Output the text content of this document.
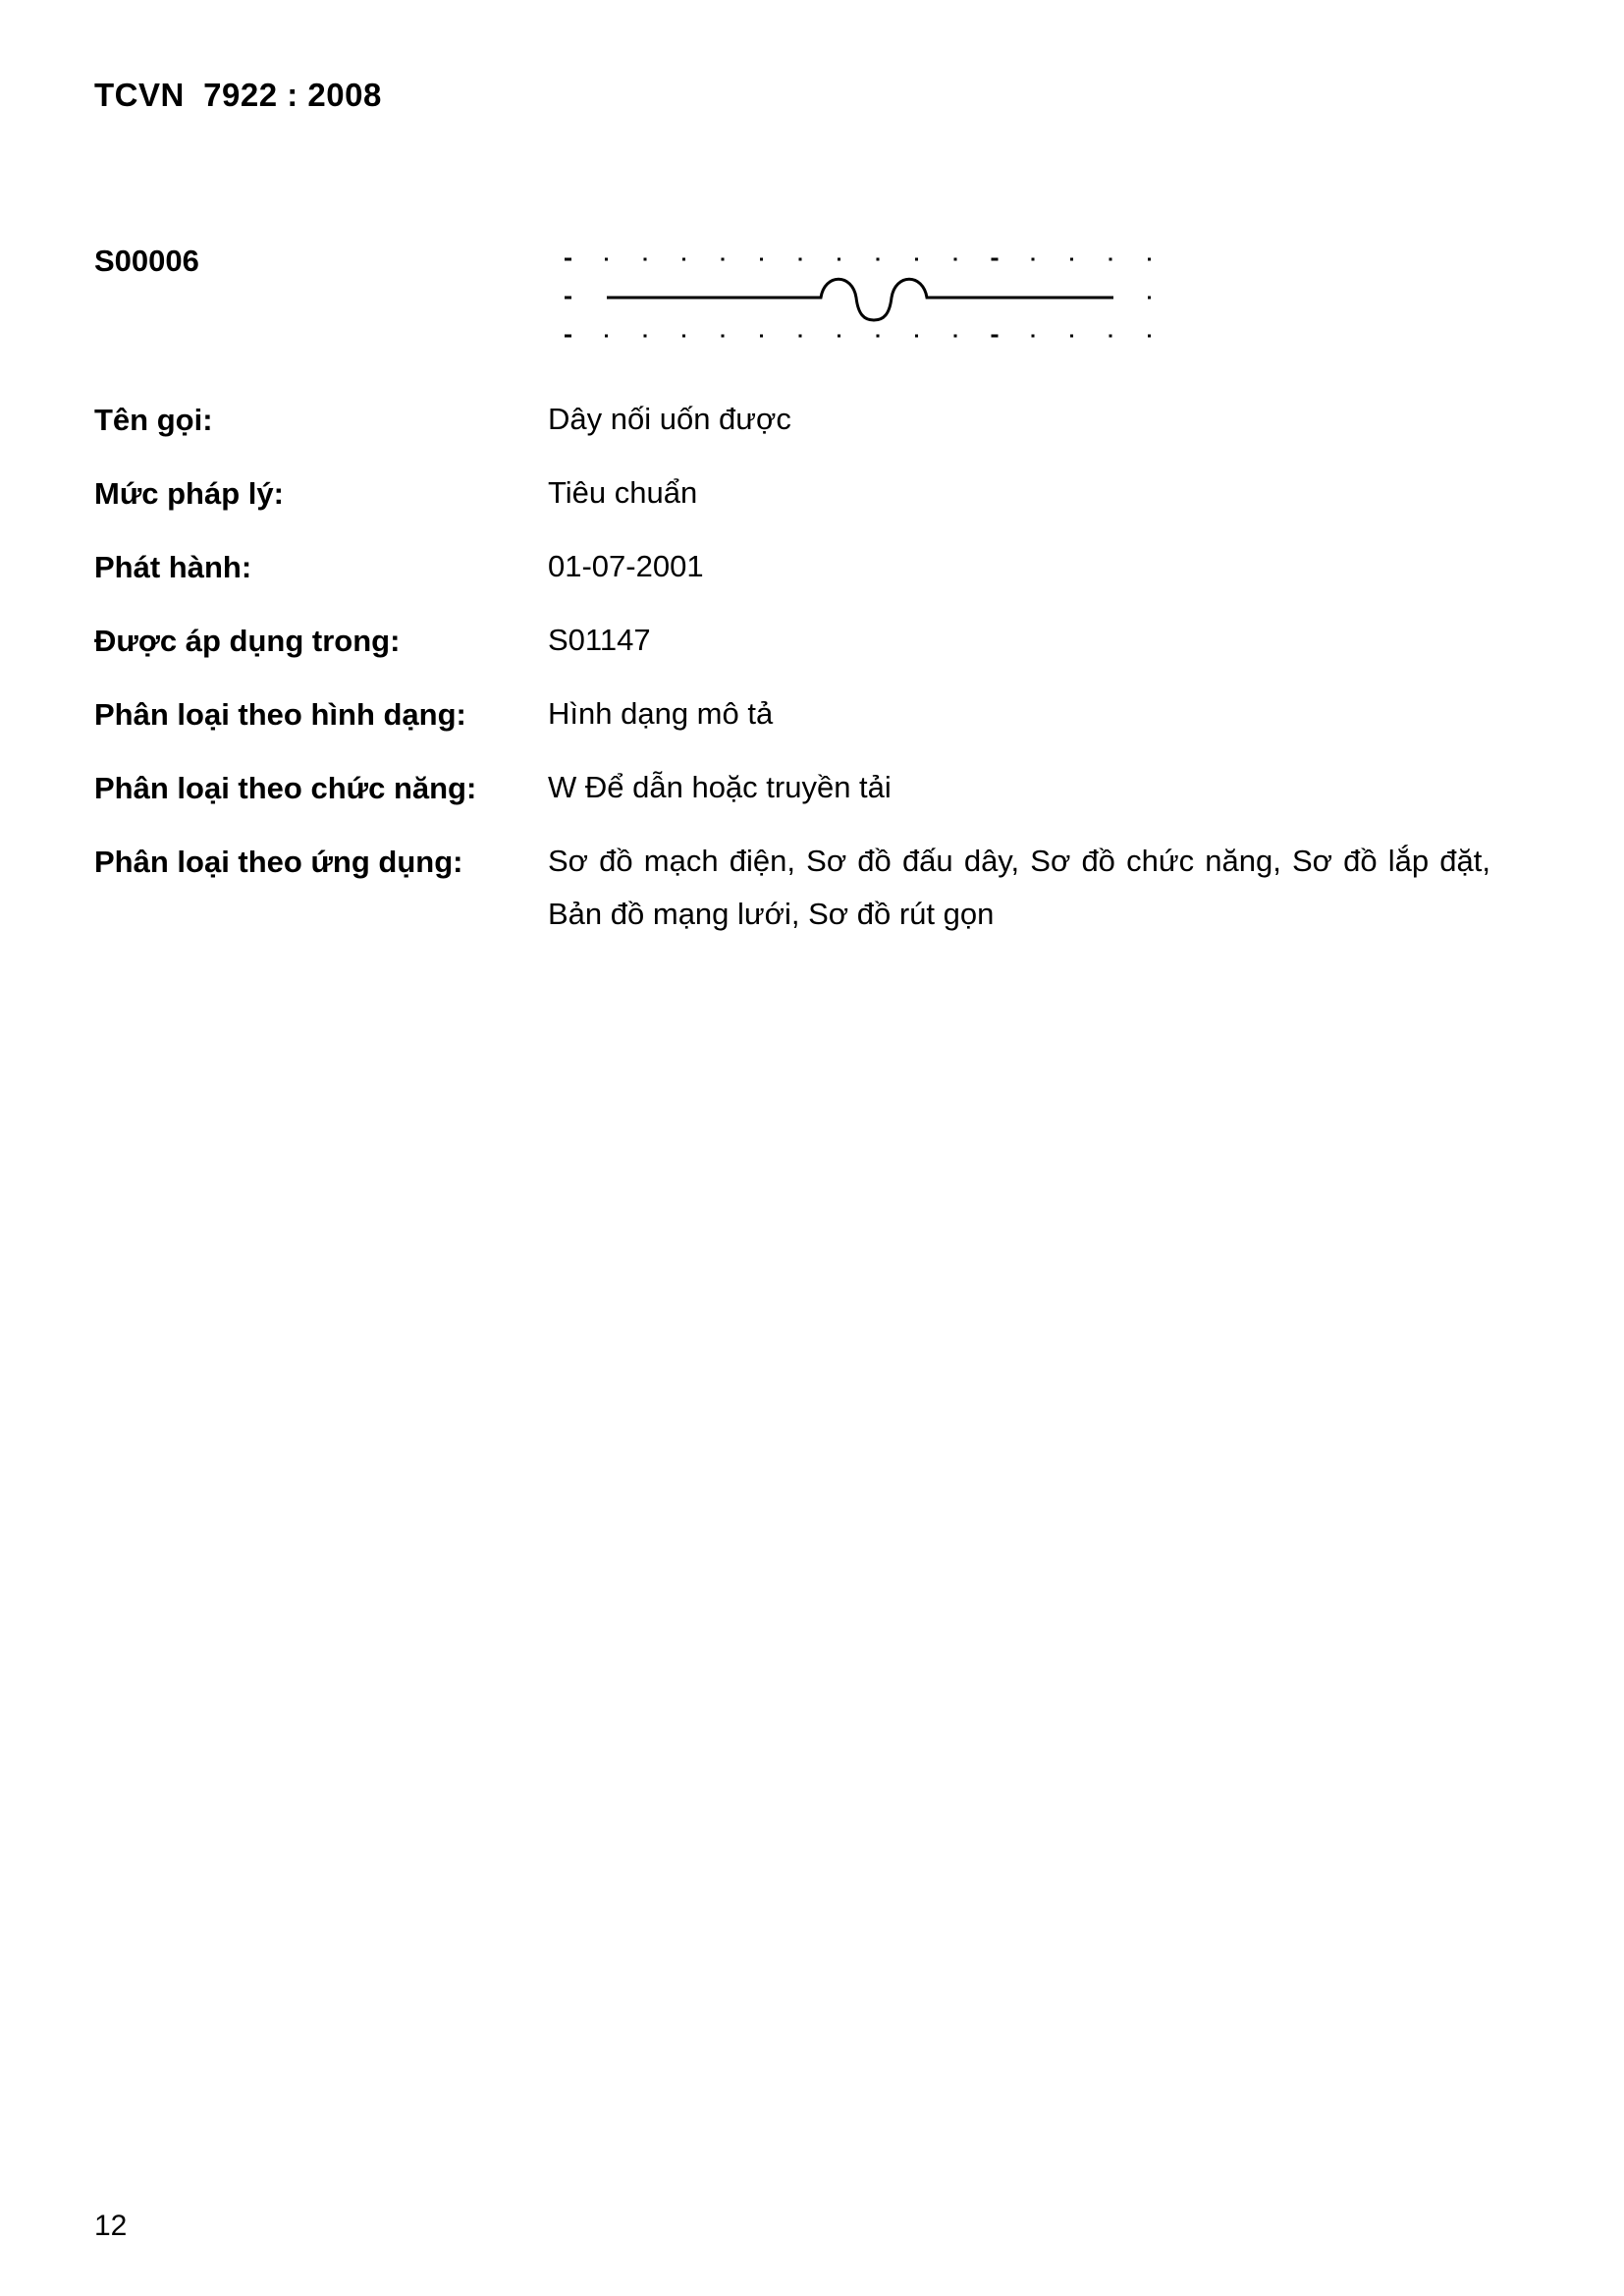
TCVN  7922 : 2008
S00006
Tên gọi:	Dây nối uốn được
Mức pháp lý:	Tiêu chuẩn
Phát hành:	01-07-2001
Được áp dụng trong:	S01147
Phân loại theo hình dạng:	Hình dạng mô tả
Phân loại theo chức năng:	W Để dẫn hoặc truyền tải
Phân loại theo ứng dụng:	Sơ đồ mạch điện, Sơ đồ đấu dây, Sơ đồ chức năng, Sơ đồ lắp đặt, Bản đồ mạng lưới, Sơ đồ rút gọn
12
